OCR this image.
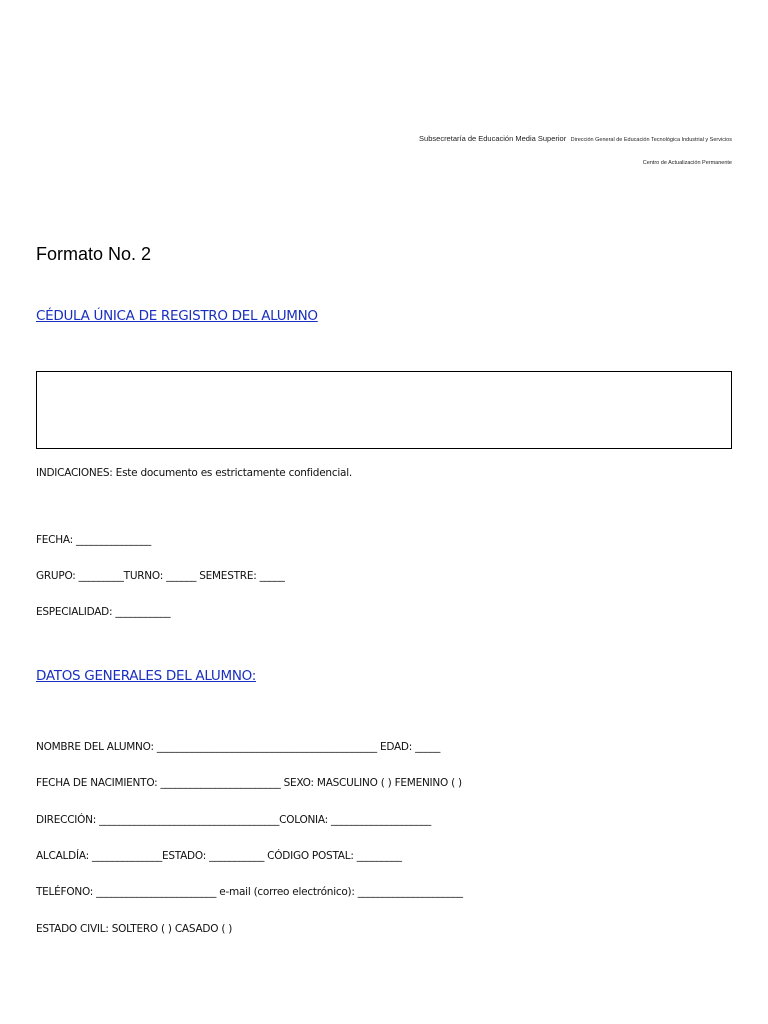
Subsecretaría de Educación Media Superior Dirección General de Educación Tecnológica Industrial y Servicios
Centro de Actualización Permanente
Formato No. 2
CÉDULA ÚNICA DE REGISTRO DEL ALUMNO
INDICACIONES: Este documento es estrictamente confidencial.
FECHA: _______________
GRUPO: _________TURNO: ______ SEMESTRE: _____
ESPECIALIDAD: ___________
DATOS GENERALES DEL ALUMNO:
NOMBRE DEL ALUMNO: ____________________________________________ EDAD: _____
FECHA DE NACIMIENTO: ________________________ SEXO: MASCULINO ( ) FEMENINO ( )
DIRECCIÓN: ____________________________________COLONIA: ____________________
ALCALDÍA: ______________ESTADO: ___________ CÓDIGO POSTAL: _________
TELÉFONO: ________________________ e-mail (correo electrónico): _____________________
ESTADO CIVIL: SOLTERO ( ) CASADO ( )
